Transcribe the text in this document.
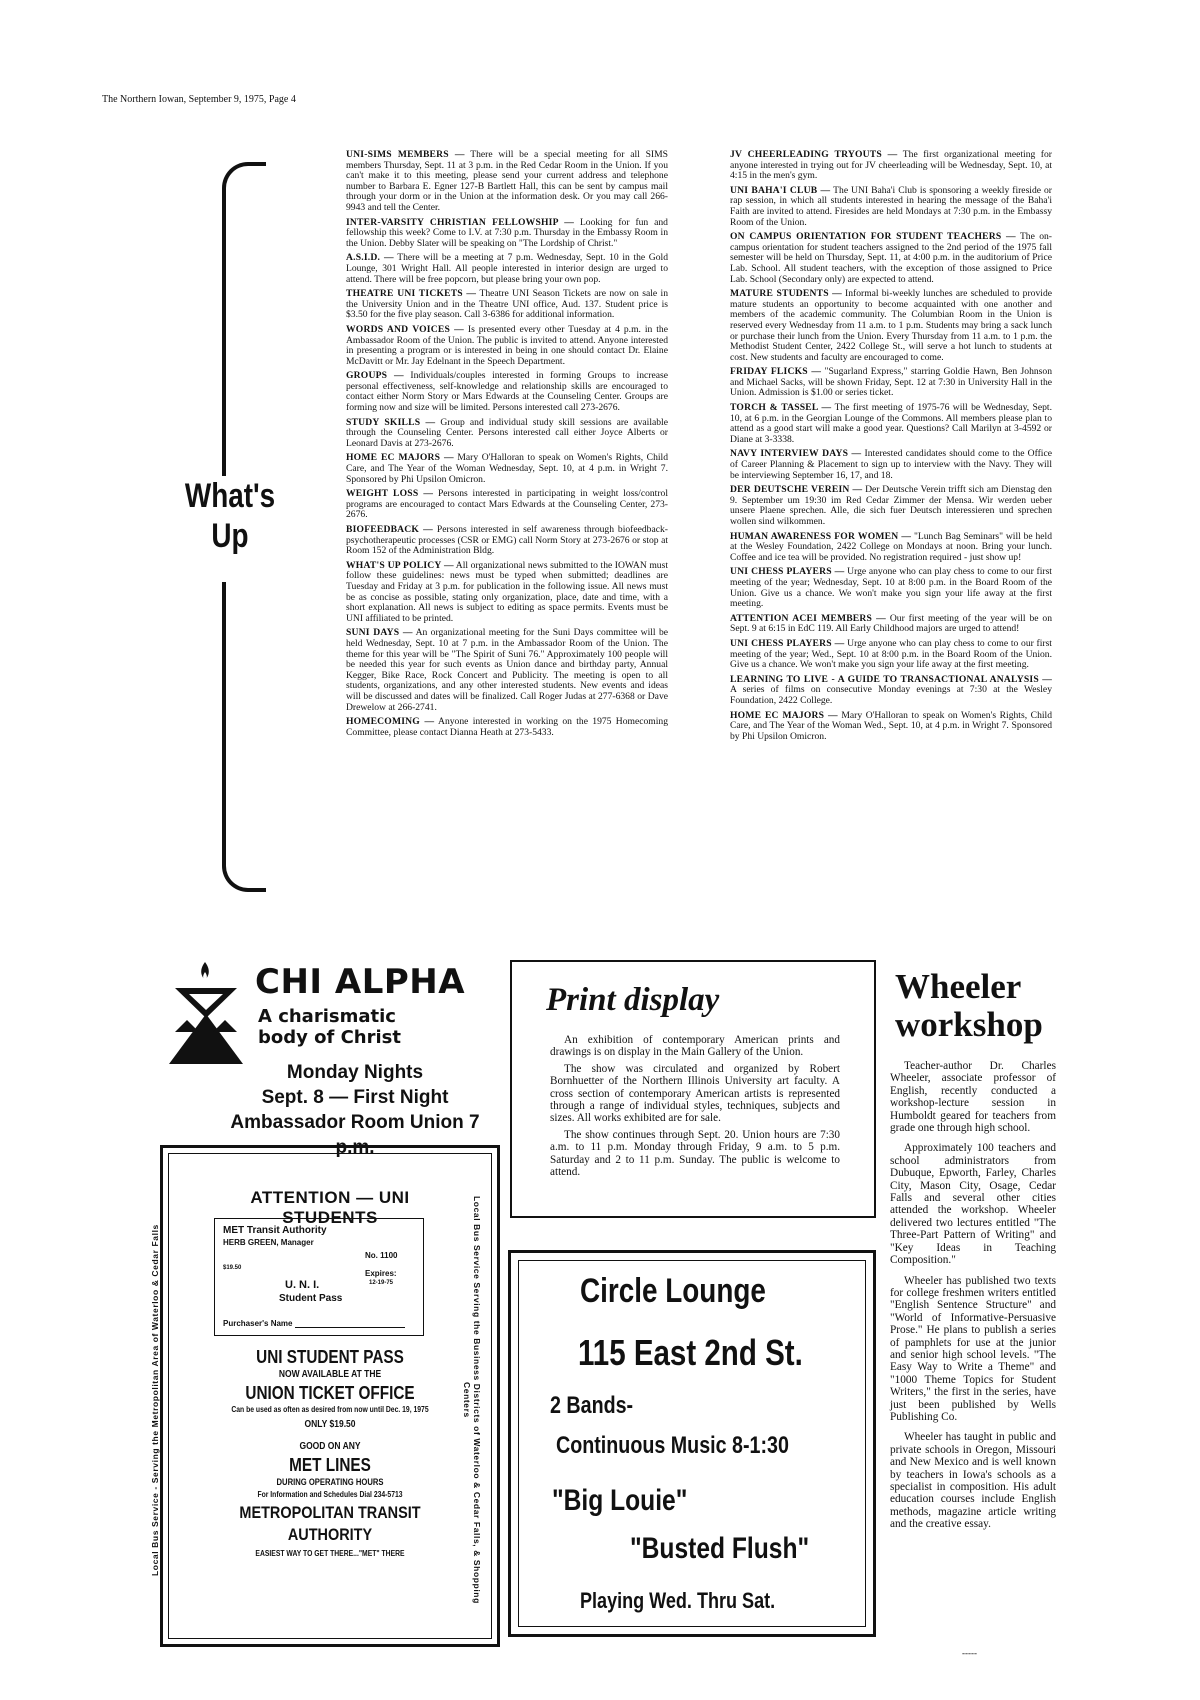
The Northern Iowan, September 9, 1975, Page 4
What's
Up

UNI-SIMS MEMBERS — There will be a special meeting for all SIMS members Thursday, Sept. 11 at 3 p.m. in the Red Cedar Room in the Union. If you can't make it to this meeting, please send your current address and telephone number to Barbara E. Egner 127-B Bartlett Hall, this can be sent by campus mail through your dorm or in the Union at the information desk. Or you may call 266-9943 and tell the Center.

INTER-VARSITY CHRISTIAN FELLOWSHIP — Looking for fun and fellowship this week? Come to I.V. at 7:30 p.m. Thursday in the Embassy Room in the Union. Debby Slater will be speaking on "The Lordship of Christ."

A.S.I.D. — There will be a meeting at 7 p.m. Wednesday, Sept. 10 in the Gold Lounge, 301 Wright Hall. All people interested in interior design are urged to attend. There will be free popcorn, but please bring your own pop.

THEATRE UNI TICKETS — Theatre UNI Season Tickets are now on sale in the University Union and in the Theatre UNI office, Aud. 137. Student price is $3.50 for the five play season. Call 3-6386 for additional information.

WORDS AND VOICES — Is presented every other Tuesday at 4 p.m. in the Ambassador Room of the Union. The public is invited to attend. Anyone interested in presenting a program or is interested in being in one should contact Dr. Elaine McDavitt or Mr. Jay Edelnant in the Speech Department.

GROUPS — Individuals/couples interested in forming Groups to increase personal effectiveness, self-knowledge and relationship skills are encouraged to contact either Norm Story or Mars Edwards at the Counseling Center. Groups are forming now and size will be limited. Persons interested call 273-2676.

STUDY SKILLS — Group and individual study skill sessions are available through the Counseling Center. Persons interested call either Joyce Alberts or Leonard Davis at 273-2676.

HOME EC MAJORS — Mary O'Halloran to speak on Women's Rights, Child Care, and The Year of the Woman Wednesday, Sept. 10, at 4 p.m. in Wright 7. Sponsored by Phi Upsilon Omicron.

WEIGHT LOSS — Persons interested in participating in weight loss/control programs are encouraged to contact Mars Edwards at the Counseling Center, 273-2676.

BIOFEEDBACK — Persons interested in self awareness through biofeedback-psychotherapeutic processes (CSR or EMG) call Norm Story at 273-2676 or stop at Room 152 of the Administration Bldg.

WHAT'S UP POLICY — All organizational news submitted to the IOWAN must follow these guidelines: news must be typed when submitted; deadlines are Tuesday and Friday at 3 p.m. for publication in the following issue. All news must be as concise as possible, stating only organization, place, date and time, with a short explanation. All news is subject to editing as space permits. Events must be UNI affiliated to be printed.

SUNI DAYS — An organizational meeting for the Suni Days committee will be held Wednesday, Sept. 10 at 7 p.m. in the Ambassador Room of the Union. The theme for this year will be "The Spirit of Suni 76." Approximately 100 people will be needed this year for such events as Union dance and birthday party, Annual Kegger, Bike Race, Rock Concert and Publicity. The meeting is open to all students, organizations, and any other interested students. New events and ideas will be discussed and dates will be finalized. Call Roger Judas at 277-6368 or Dave Drewelow at 266-2741.

HOMECOMING — Anyone interested in working on the 1975 Homecoming Committee, please contact Dianna Heath at 273-5433.

JV CHEERLEADING TRYOUTS — The first organizational meeting for anyone interested in trying out for JV cheerleading will be Wednesday, Sept. 10, at 4:15 in the men's gym.

UNI BAHA'I CLUB — The UNI Baha'i Club is sponsoring a weekly fireside or rap session, in which all students interested in hearing the message of the Baha'i Faith are invited to attend. Firesides are held Mondays at 7:30 p.m. in the Embassy Room of the Union.

ON CAMPUS ORIENTATION FOR STUDENT TEACHERS — The on-campus orientation for student teachers assigned to the 2nd period of the 1975 fall semester will be held on Thursday, Sept. 11, at 4:00 p.m. in the auditorium of Price Lab. School. All student teachers, with the exception of those assigned to Price Lab. School (Secondary only) are expected to attend.

MATURE STUDENTS — Informal bi-weekly lunches are scheduled to provide mature students an opportunity to become acquainted with one another and members of the academic community. The Columbian Room in the Union is reserved every Wednesday from 11 a.m. to 1 p.m. Students may bring a sack lunch or purchase their lunch from the Union. Every Thursday from 11 a.m. to 1 p.m. the Methodist Student Center, 2422 College St., will serve a hot lunch to students at cost. New students and faculty are encouraged to come.

FRIDAY FLICKS — "Sugarland Express," starring Goldie Hawn, Ben Johnson and Michael Sacks, will be shown Friday, Sept. 12 at 7:30 in University Hall in the Union. Admission is $1.00 or series ticket.

TORCH & TASSEL — The first meeting of 1975-76 will be Wednesday, Sept. 10, at 6 p.m. in the Georgian Lounge of the Commons. All members please plan to attend as a good start will make a good year. Questions? Call Marilyn at 3-4592 or Diane at 3-3338.

NAVY INTERVIEW DAYS — Interested candidates should come to the Office of Career Planning & Placement to sign up to interview with the Navy. They will be interviewing September 16, 17, and 18.

DER DEUTSCHE VEREIN — Der Deutsche Verein trifft sich am Dienstag den 9. September um 19:30 im Red Cedar Zimmer der Mensa. Wir werden ueber unsere Plaene sprechen. Alle, die sich fuer Deutsch interessieren und sprechen wollen sind wilkommen.

HUMAN AWARENESS FOR WOMEN — "Lunch Bag Seminars" will be held at the Wesley Foundation, 2422 College on Mondays at noon. Bring your lunch. Coffee and ice tea will be provided. No registration required - just show up!

UNI CHESS PLAYERS — Urge anyone who can play chess to come to our first meeting of the year; Wednesday, Sept. 10 at 8:00 p.m. in the Board Room of the Union. Give us a chance. We won't make you sign your life away at the first meeting.

ATTENTION ACEI MEMBERS — Our first meeting of the year will be on Sept. 9 at 6:15 in EdC 119. All Early Childhood majors are urged to attend!

UNI CHESS PLAYERS — Urge anyone who can play chess to come to our first meeting of the year; Wed., Sept. 10 at 8:00 p.m. in the Board Room of the Union. Give us a chance. We won't make you sign your life away at the first meeting.

LEARNING TO LIVE - A GUIDE TO TRANSACTIONAL ANALYSIS — A series of films on consecutive Monday evenings at 7:30 at the Wesley Foundation, 2422 College.

HOME EC MAJORS — Mary O'Halloran to speak on Women's Rights, Child Care, and The Year of the Woman Wed., Sept. 10, at 4 p.m. in Wright 7. Sponsored by Phi Upsilon Omicron.

CHI ALPHA
A charismatic
body of Christ
Monday Nights
Sept. 8 — First Night
Ambassador Room Union 7 p.m.
Local Bus Service - Serving the Metropolitan Area of Waterloo & Cedar Falls	Local Bus Service Serving the Business Districts of Waterloo & Cedar Falls, & Shopping Centers
ATTENTION — UNI STUDENTS
MET Transit Authority
HERB GREEN, Manager
No. 1100
$19.50
Expires:
12-19-75
U. N. I.
Student Pass
Purchaser's Name
UNI STUDENT PASS
NOW AVAILABLE AT THE
UNION TICKET OFFICE
Can be used as often as desired from now until Dec. 19, 1975
ONLY $19.50
GOOD ON ANY
MET LINES
DURING OPERATING HOURS
For Information and Schedules Dial 234-5713
METROPOLITAN TRANSIT AUTHORITY
EASIEST WAY TO GET THERE..."MET" THERE
Print display

An exhibition of contemporary American prints and drawings is on display in the Main Gallery of the Union.

The show was circulated and organized by Robert Bornhuetter of the Northern Illinois University art faculty. A cross section of contemporary American artists is represented through a range of individual styles, techniques, subjects and sizes. All works exhibited are for sale.

The show continues through Sept. 20. Union hours are 7:30 a.m. to 11 p.m. Monday through Friday, 9 a.m. to 5 p.m. Saturday and 2 to 11 p.m. Sunday. The public is welcome to attend.

Circle Lounge
115 East 2nd St.
2 Bands-
Continuous Music 8-1:30
"Big Louie"
"Busted Flush"
Playing Wed. Thru Sat.
Wheeler
workshop

Teacher-author Dr. Charles Wheeler, associate professor of English, recently conducted a workshop-lecture session in Humboldt geared for teachers from grade one through high school.

Approximately 100 teachers and school administrators from Dubuque, Epworth, Farley, Charles City, Mason City, Osage, Cedar Falls and several other cities attended the workshop. Wheeler delivered two lectures entitled "The Three-Part Pattern of Writing" and "Key Ideas in Teaching Composition."

Wheeler has published two texts for college freshmen writers entitled "English Sentence Structure" and "World of Informative-Persuasive Prose." He plans to publish a series of pamphlets for use at the junior and senior high school levels. "The Easy Way to Write a Theme" and "1000 Theme Topics for Student Writers," the first in the series, have just been published by Wells Publishing Co.

Wheeler has taught in public and private schools in Oregon, Missouri and New Mexico and is well known by teachers in Iowa's schools as a specialist in composition. His adult education courses include English methods, magazine article writing and the creative essay.

-----
